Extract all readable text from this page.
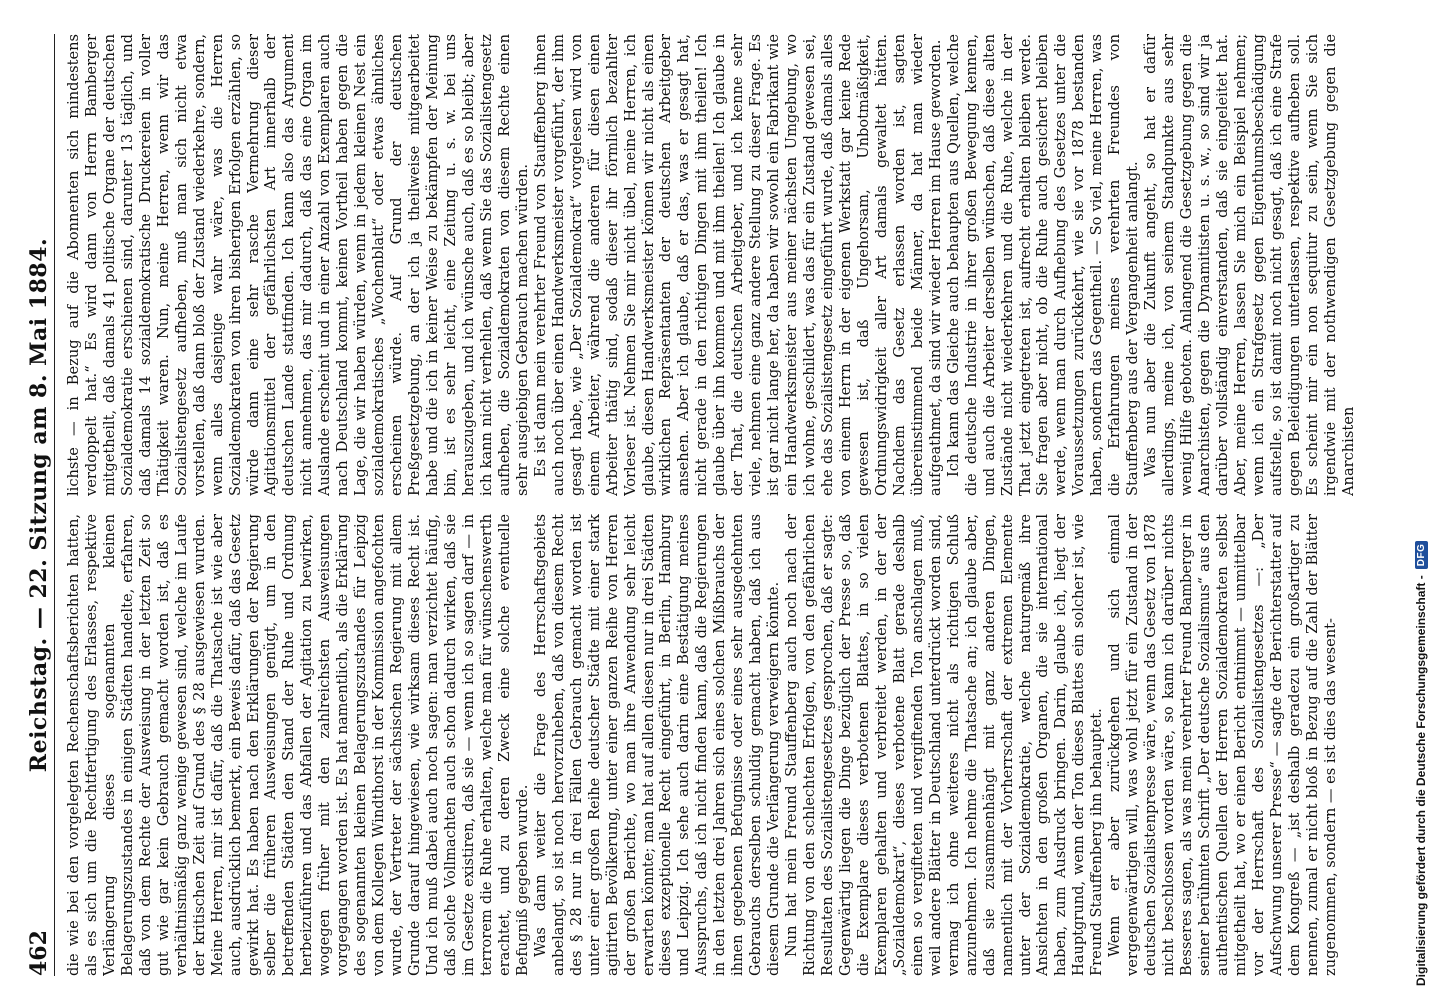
462
Reichstag. — 22. Sitzung am 8. Mai 1884. die wie bei den vorgelegten Rechenschaftsberichten hatten, als es sich um die Rechtfertigung des Erlasses, respektive Verlängerung dieses sogenannten kleinen Belagerungszustandes in einigen Städten handelte, erfahren, daß von dem Rechte der Ausweisung in der letzten Zeit so gut wie gar kein Gebrauch gemacht worden ist, daß es verhältnismäßig ganz wenige gewesen sind, welche im Laufe der kritischen Zeit auf Grund des § 28 ausgewiesen wurden. Meine Herren, mir ist dafür, daß die Thatsache ist wie aber auch, ausdrücklich bemerkt, ein Beweis dafür, daß das Gesetz gewirkt hat. Es haben nach den Erklärungen der Regierung selber die früheren Ausweisungen genügt, um in den betreffenden Städten den Stand der Ruhe und Ordnung herbeizuführen und das Abfallen der Agitation zu bewirken, wogegen früher mit den zahlreichsten Ausweisungen vorgegangen worden ist. Es hat namentlich, als die Erklärung des sogenannten kleinen Belagerungszustandes für Leipzig von dem Kollegen Windthorst in der Kommission angefochten wurde, der Vertreter der sächsischen Regierung mit allem Grunde darauf hingewiesen, wie wirksam dieses Recht ist. Und ich muß dabei auch noch sagen: man verzichtet häufig, daß solche Vollmachten auch schon dadurch wirken, daß sie im Gesetze existiren, daß sie — wenn ich so sagen darf — in terrorem die Ruhe erhalten, welche man für wünschenswerth erachtet, und zu deren Zweck eine solche eventuelle Befugniß gegeben wurde. Was dann weiter die Frage des Herrschaftsgebiets anbelangt, so ist noch hervorzuheben, daß von diesem Recht des § 28 nur in drei Fällen Gebrauch gemacht worden ist unter einer großen Reihe deutscher Städte mit einer stark agitirten Bevölkerung, unter einer ganzen Reihe von Herren der großen Berichte, wo man ihre Anwendung sehr leicht erwarten könnte; man hat auf allen diesen nur in drei Städten dieses exzeptionelle Recht eingeführt, in Berlin, Hamburg und Leipzig. Ich sehe auch darin eine Bestätigung meines Ausspruchs, daß ich nicht finden kann, daß die Regierungen in den letzten drei Jahren sich eines solchen Mißbrauchs der ihnen gegebenen Befugnisse oder eines sehr ausgedehnten Gebrauchs derselben schuldig gemacht haben, daß ich aus diesem Grunde die Verlängerung verweigern könnte. Nun hat mein Freund Stauffenberg auch noch nach der Richtung von den schlechten Erfolgen, von den gefährlichen Resultaten des Sozialistengesetzes gesprochen, daß er sagte: Gegenwärtig liegen die Dinge bezüglich der Presse so, daß die Exemplare dieses verbotenen Blattes, in so vielen Exemplaren gehalten und verbreitet werden, in der der „Sozialdemokrat“, dieses verbotene Blatt gerade deshalb einen so vergifteten und vergiftenden Ton anschlagen muß, weil andere Blätter in Deutschland unterdrückt worden sind, vermag ich ohne weiteres nicht als richtigen Schluß anzunehmen. Ich nehme die Thatsache an; ich glaube aber, daß sie zusammenhängt mit ganz anderen Dingen, namentlich mit der Vorherrschaft der extremen Elemente unter der Sozialdemokratie, welche naturgemäß ihre Ansichten in den großen Organen, die sie international haben, zum Ausdruck bringen. Darin, glaube ich, liegt der Hauptgrund, wenn der Ton dieses Blattes ein solcher ist, wie Freund Stauffenberg ihn behauptet. Wenn er aber zurückgehen und sich einmal vergegenwärtigen will, was wohl jetzt für ein Zustand in der deutschen Sozialistenpresse wäre, wenn das Gesetz von 1878 nicht beschlossen worden wäre, so kann ich darüber nichts Besseres sagen, als was mein verehrter Freund Bamberger in seiner berühmten Schrift „Der deutsche Sozialismus“ aus den authentischen Quellen der Herren Sozialdemokraten selbst mitgetheilt hat, wo er einen Bericht entnimmt — unmittelbar vor der Herrschaft des Sozialistengesetzes —: „Der Aufschwung unserer Presse“ — sagte der Berichterstatter auf dem Kongreß — „ist deshalb geradezu ein großartiger zu nennen, zumal er nicht bloß in Bezug auf die Zahl der Blätter zugenommen, sondern — es ist dies das wesent-

lichste — in Bezug auf die Abonnenten sich mindestens verdoppelt hat.“ Es wird dann von Herrn Bamberger mitgetheilt, daß damals 41 politische Organe der deutschen Sozialdemokratie erschienen sind, darunter 13 täglich, und daß damals 14 sozialdemokratische Druckereien in voller Thätigkeit waren. Nun, meine Herren, wenn wir das Sozialistengesetz aufheben, muß man sich nicht etwa vorstellen, daß dann bloß der Zustand wiederkehre, sondern, wenn alles dasjenige wahr wäre, was die Herren Sozialdemokraten von ihren bisherigen Erfolgen erzählen, so würde dann eine sehr rasche Vermehrung dieser Agitationsmittel der gefährlichsten Art innerhalb der deutschen Lande stattfinden. Ich kann also das Argument nicht annehmen, das mir dadurch, daß das eine Organ im Auslande erscheint und in einer Anzahl von Exemplaren auch nach Deutschland kommt, keinen Vortheil haben gegen die Lage, die wir haben würden, wenn in jedem kleinen Nest ein sozialdemokratisches „Wochenblatt“ oder etwas ähnliches erscheinen würde. Auf Grund der deutschen Preßgesetzgebung, an der ich ja theilweise mitgearbeitet habe und die ich in keiner Weise zu bekämpfen der Meinung bin, ist es sehr leicht, eine Zeitung u. s. w. bei uns herauszugeben, und ich wünsche auch, daß es so bleibt; aber ich kann nicht verhehlen, daß wenn Sie das Sozialistengesetz aufheben, die Sozialdemokraten von diesem Rechte einen sehr ausgiebigen Gebrauch machen würden. Es ist dann mein verehrter Freund von Stauffenberg ihnen auch noch über einen Handwerksmeister vorgeführt, der ihm gesagt habe, wie „Der Sozialdemokrat“ vorgelesen wird von einem Arbeiter, während die anderen für diesen einen Arbeiter thätig sind, sodaß dieser ihr förmlich bezahlter Vorleser ist. Nehmen Sie mir nicht übel, meine Herren, ich glaube, diesen Handwerksmeister können wir nicht als einen wirklichen Repräsentanten der deutschen Arbeitgeber ansehen. Aber ich glaube, daß er das, was er gesagt hat, nicht gerade in den richtigen Dingen mit ihm theilen! Ich glaube über ihn kommen und mit ihm theilen! Ich glaube in der That, die deutschen Arbeitgeber, und ich kenne sehr viele, nehmen eine ganz andere Stellung zu dieser Frage. Es ist gar nicht lange her, da haben wir sowohl ein Fabrikant wie ein Handwerksmeister aus meiner nächsten Umgebung, wo ich wohne, geschildert, was das für ein Zustand gewesen sei, ehe das Sozialistengesetz eingeführt wurde, daß damals alles von einem Herrn in der eigenen Werkstatt gar keine Rede gewesen ist, daß Ungehorsam, Unbotmäßigkeit, Ordnungswidrigkeit aller Art damals gewaltet hätten. Nachdem das Gesetz erlassen worden ist, sagten übereinstimmend beide Männer, da hat man wieder aufgeathmet, da sind wir wieder Herren im Hause geworden. Ich kann das Gleiche auch behaupten aus Quellen, welche die deutsche Industrie in ihrer großen Bewegung kennen, und auch die Arbeiter derselben wünschen, daß diese alten Zustände nicht wiederkehren und die Ruhe, welche in der That jetzt eingetreten ist, aufrecht erhalten bleiben werde. Sie fragen aber nicht, ob die Ruhe auch gesichert bleiben werde, wenn man durch Aufhebung des Gesetzes unter die Voraussetzungen zurückkehrt, wie sie vor 1878 bestanden haben, sondern das Gegentheil. — So viel, meine Herren, was die Erfahrungen meines verehrten Freundes von Stauffenberg aus der Vergangenheit anlangt. Was nun aber die Zukunft angeht, so hat er dafür allerdings, meine ich, von seinem Standpunkte aus sehr wenig Hilfe geboten. Anlangend die Gesetzgebung gegen die Anarchisten, gegen die Dynamitisten u. s. w., so sind wir ja darüber vollständig einverstanden, daß sie eingeleitet hat. Aber, meine Herren, lassen Sie mich ein Beispiel nehmen; wenn ich ein Strafgesetz gegen Eigenthumsbeschädigung aufstelle, so ist damit noch nicht gesagt, daß ich eine Strafe gegen Beleidigungen unterlassen, respektive aufheben soll. Es scheint mir ein non sequitur zu sein, wenn Sie sich irgendwie mit der nothwendigen Gesetzgebung gegen die Anarchisten

Digitalisierung gefördert durch die Deutsche Forschungsgemeinschaft -
DFG
